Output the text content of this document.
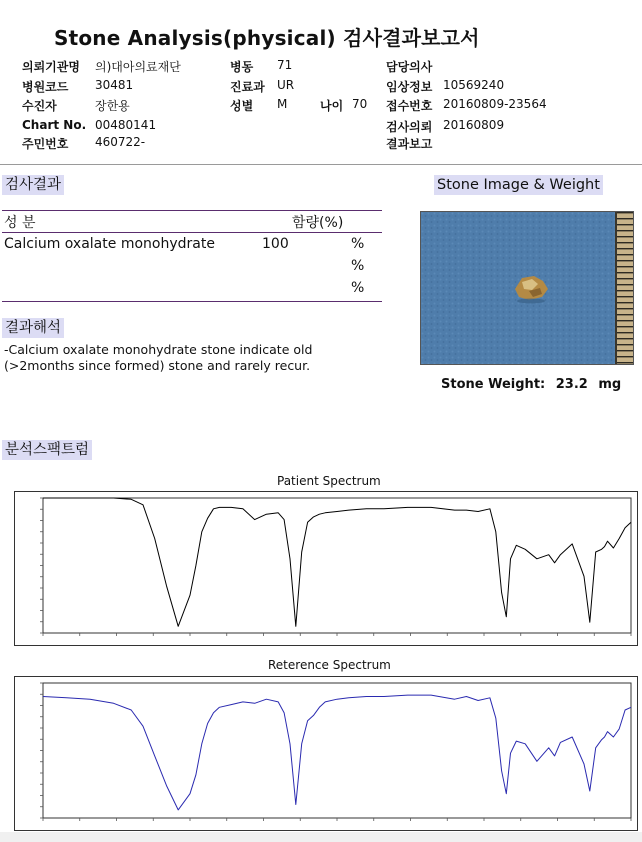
Stone Analysis(physical) 검사결과보고서
의뢰기관명 의)대아의료재단
병원코드 30481
수진자	장한용
Chart No. 00480141
주민번호 460722-
병동 71
진료과 UR
성별 M	나이 70
담당의사
임상정보 10569240
접수번호 20160809-23564
검사의뢰 20160809
결과보고
검사결과
성 분	함량(%)
Calcium oxalate monohydrate	100	%
%
%
결과해석
-Calcium oxalate monohydrate stone indicate old
(>2months since formed) stone and rarely recur.
Stone Image & Weight
Stone Weight: 23.2 mg
분석스팩트럼
Patient Spectrum
Reterence Spectrum
